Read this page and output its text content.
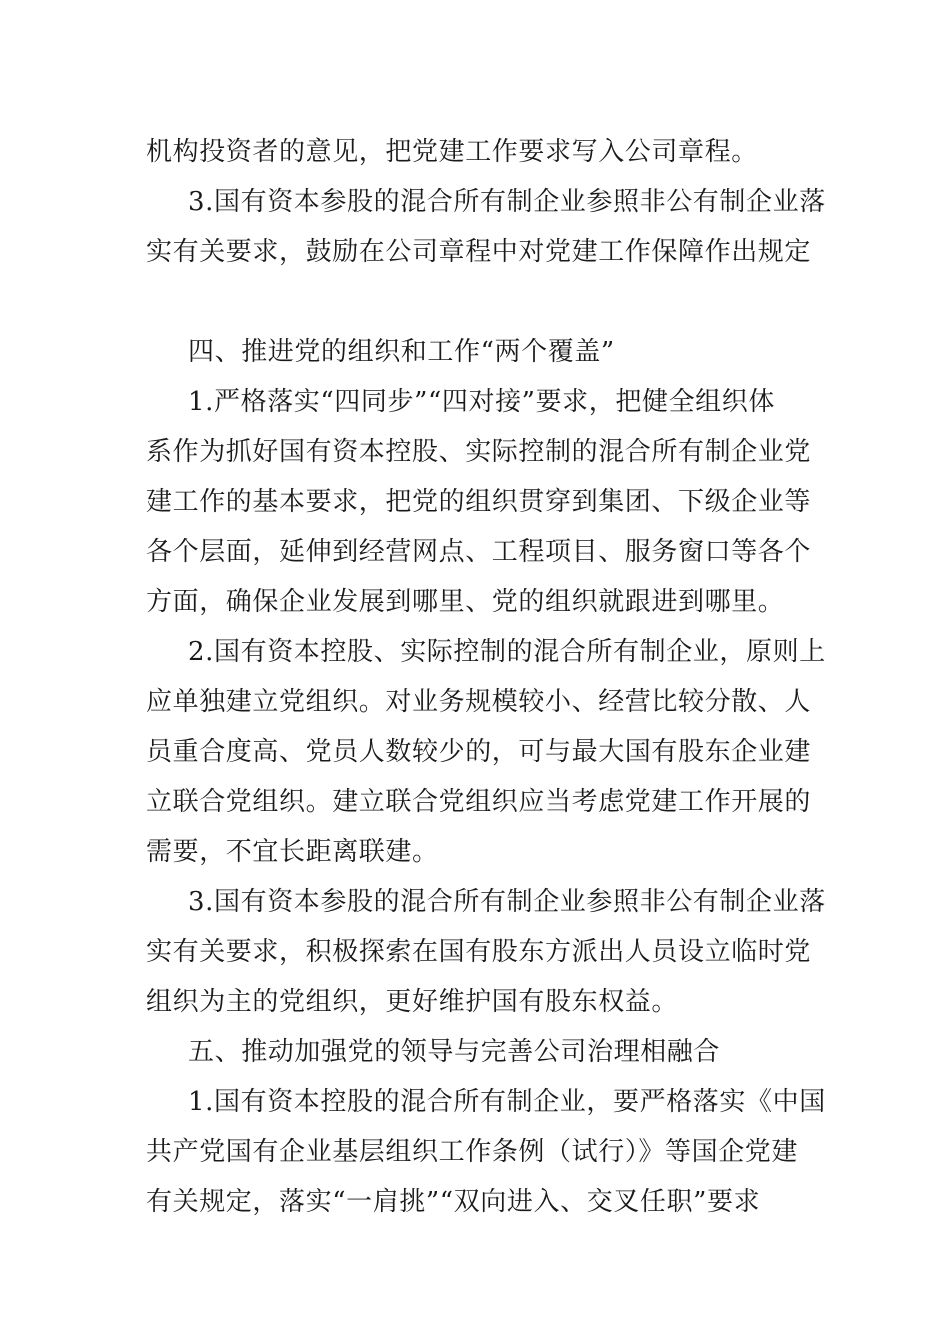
机构投资者的意见，把党建工作要求写入公司章程。
3.国有资本参股的混合所有制企业参照非公有制企业落
实有关要求，鼓励在公司章程中对党建工作保障作出规定
四、推进党的组织和工作“两个覆盖”
1.严格落实“四同步”“四对接”要求，把健全组织体
系作为抓好国有资本控股、实际控制的混合所有制企业党
建工作的基本要求，把党的组织贯穿到集团、下级企业等
各个层面，延伸到经营网点、工程项目、服务窗口等各个
方面，确保企业发展到哪里、党的组织就跟进到哪里。
2.国有资本控股、实际控制的混合所有制企业，原则上
应单独建立党组织。对业务规模较小、经营比较分散、人
员重合度高、党员人数较少的，可与最大国有股东企业建
立联合党组织。建立联合党组织应当考虑党建工作开展的
需要，不宜长距离联建。
3.国有资本参股的混合所有制企业参照非公有制企业落
实有关要求，积极探索在国有股东方派出人员设立临时党
组织为主的党组织，更好维护国有股东权益。
五、推动加强党的领导与完善公司治理相融合
1.国有资本控股的混合所有制企业，要严格落实《中国
共产党国有企业基层组织工作条例（试行）》等国企党建
有关规定，落实“一肩挑”“双向进入、交叉任职”要求
